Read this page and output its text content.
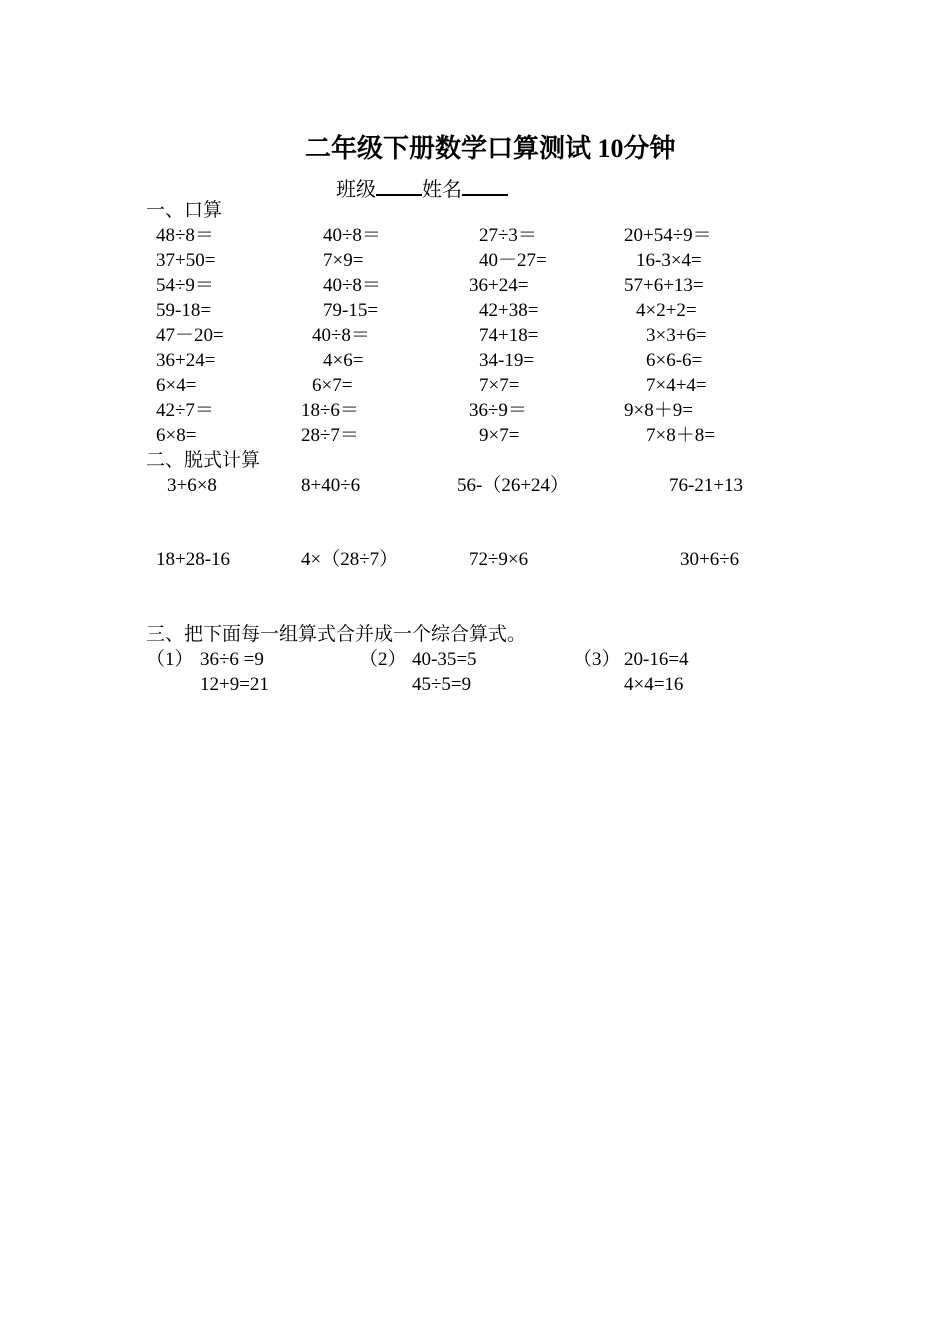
二年级下册数学口算测试 10分钟
班级 姓名
一、口算
48÷8＝	40÷8＝	27÷3＝	20+54÷9＝
37+50=	7×9=	40－27=	16-3×4=
54÷9＝	40÷8＝	36+24=	57+6+13=
59-18=	79-15=	42+38=	4×2+2=
47－20=	40÷8＝	74+18=	3×3+6=
36+24=	4×6=	34-19=	6×6-6=
6×4=	6×7=	7×7=	7×4+4=
42÷7＝	18÷6＝	36÷9＝	9×8＋9=
6×8=	28÷7＝	9×7=	7×8＋8=
二、脱式计算
3+6×8	8+40÷6	56-（26+24）	76-21+13
18+28-16	4×（28÷7）	72÷9×6	30+6÷6
三、把下面每一组算式合并成一个综合算式。
（1） 36÷6 =9
12+9=21
（2） 40-35=5
45÷5=9
（3） 20-16=4
4×4=16
